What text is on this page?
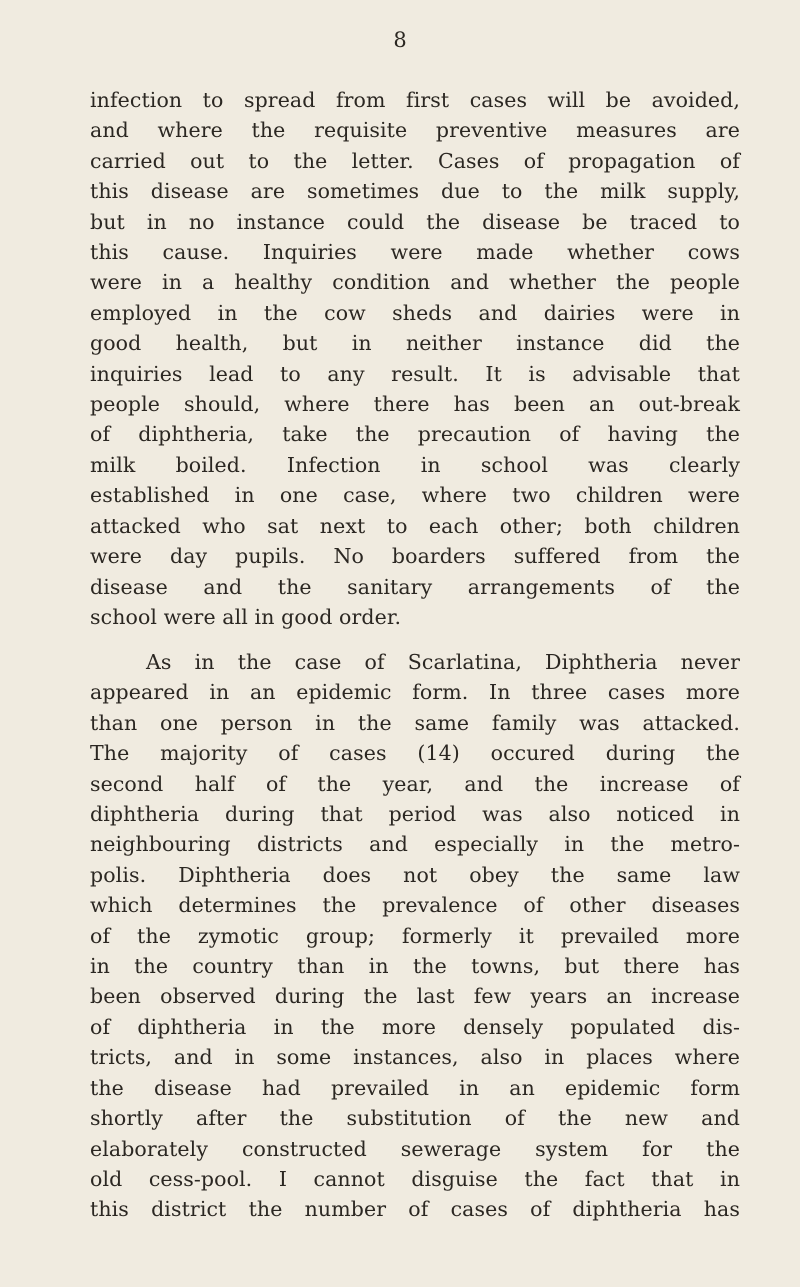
8

infection to spread from first cases will be avoided,
and where the requisite preventive measures are
carried out to the letter. Cases of propagation of
this disease are sometimes due to the milk supply,
but in no instance could the disease be traced to
this cause. Inquiries were made whether cows
were in a healthy condition and whether the people
employed in the cow sheds and dairies were in
good health, but in neither instance did the
inquiries lead to any result. It is advisable that
people should, where there has been an out-break
of diphtheria, take the precaution of having the
milk boiled. Infection in school was clearly
established in one case, where two children were
attacked who sat next to each other; both children
were day pupils. No boarders suffered from the
disease and the sanitary arrangements of the
school were all in good order.

As in the case of Scarlatina, Diphtheria never
appeared in an epidemic form. In three cases more
than one person in the same family was attacked.
The majority of cases (14) occured during the
second half of the year, and the increase of
diphtheria during that period was also noticed in
neighbouring districts and especially in the metro-
polis. Diphtheria does not obey the same law
which determines the prevalence of other diseases
of the zymotic group; formerly it prevailed more
in the country than in the towns, but there has
been observed during the last few years an increase
of diphtheria in the more densely populated dis-
tricts, and in some instances, also in places where
the disease had prevailed in an epidemic form
shortly after the substitution of the new and
elaborately constructed sewerage system for the
old cess-pool. I cannot disguise the fact that in
this district the number of cases of diphtheria has
